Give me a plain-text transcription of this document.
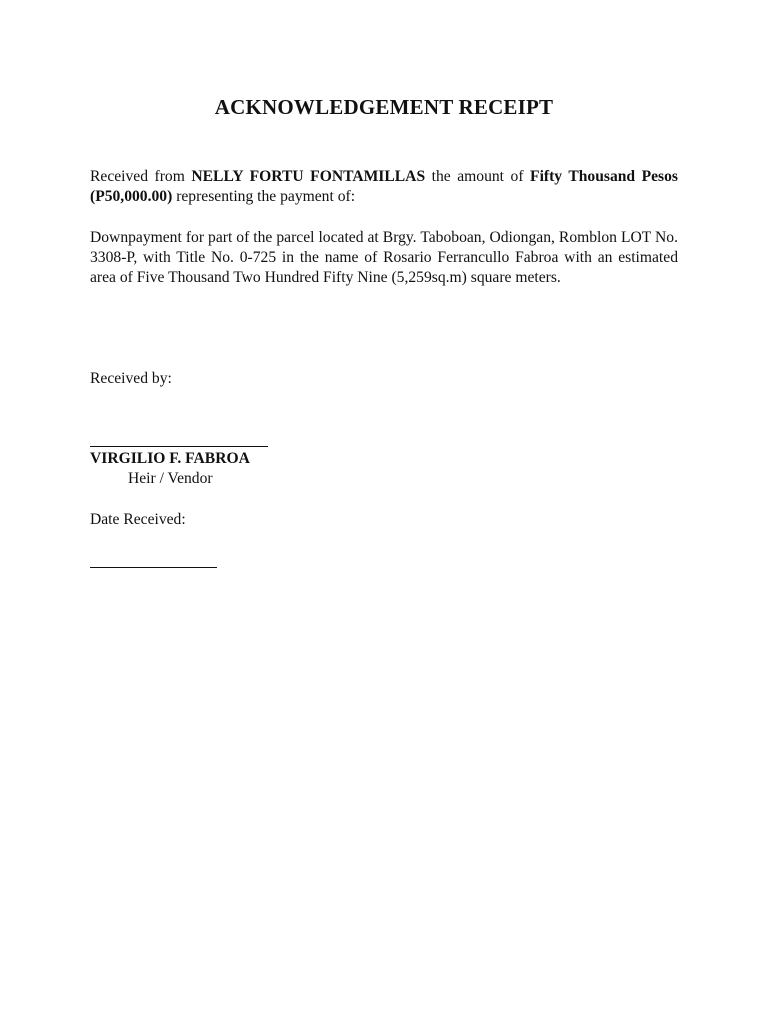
ACKNOWLEDGEMENT RECEIPT
Received from NELLY FORTU FONTAMILLAS the amount of Fifty Thousand Pesos (P50,000.00) representing the payment of:
Downpayment for part of the parcel located at Brgy. Taboboan, Odiongan, Romblon LOT No. 3308-P, with Title No. 0-725 in the name of Rosario Ferrancullo Fabroa with an estimated area of Five Thousand Two Hundred Fifty Nine (5,259sq.m) square meters.
Received by:
VIRGILIO F. FABROA
Heir / Vendor
Date Received:
